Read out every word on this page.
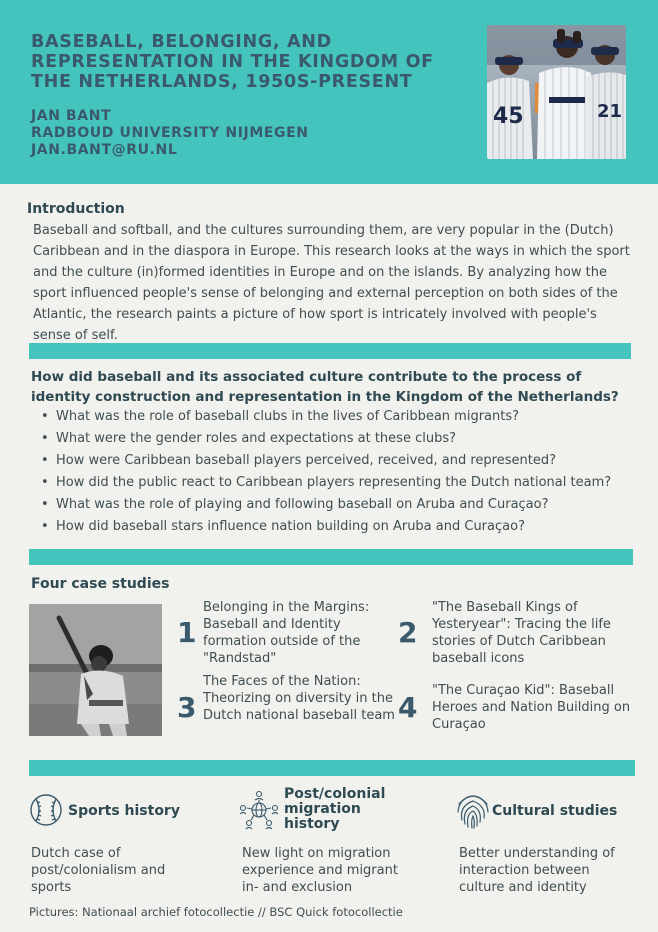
BASEBALL, BELONGING, AND REPRESENTATION IN THE KINGDOM OF THE NETHERLANDS, 1950S-PRESENT
JAN BANT
RADBOUD UNIVERSITY NIJMEGEN
JAN.BANT@RU.NL
45	21
Introduction
Baseball and softball, and the cultures surrounding them, are very popular in the (Dutch) Caribbean and in the diaspora in Europe. This research looks at the ways in which the sport and the culture (in)formed identities in Europe and on the islands. By analyzing how the sport influenced people's sense of belonging and external perception on both sides of the Atlantic, the research paints a picture of how sport is intricately involved with people's sense of self.
How did baseball and its associated culture contribute to the process of identity construction and representation in the Kingdom of the Netherlands?
• What was the role of baseball clubs in the lives of Caribbean migrants?
• What were the gender roles and expectations at these clubs?
• How were Caribbean baseball players perceived, received, and represented?
• How did the public react to Caribbean players representing the Dutch national team?
• What was the role of playing and following baseball on Aruba and Curaçao?
• How did baseball stars influence nation building on Aruba and Curaçao?
Four case studies
1
Belonging in the Margins: Baseball and Identity formation outside of the "Randstad"
2
"The Baseball Kings of Yesteryear": Tracing the life stories of Dutch Caribbean baseball icons
3
The Faces of the Nation: Theorizing on diversity in the Dutch national baseball team 4
"The Curaçao Kid": Baseball Heroes and Nation Building on Curaçao
Sports history
Dutch case of post/colonialism and sports
Post/colonial migration history
New light on migration experience and migrant in- and exclusion
Cultural studies
Better understanding of interaction between culture and identity
Pictures: Nationaal archief fotocollectie // BSC Quick fotocollectie
